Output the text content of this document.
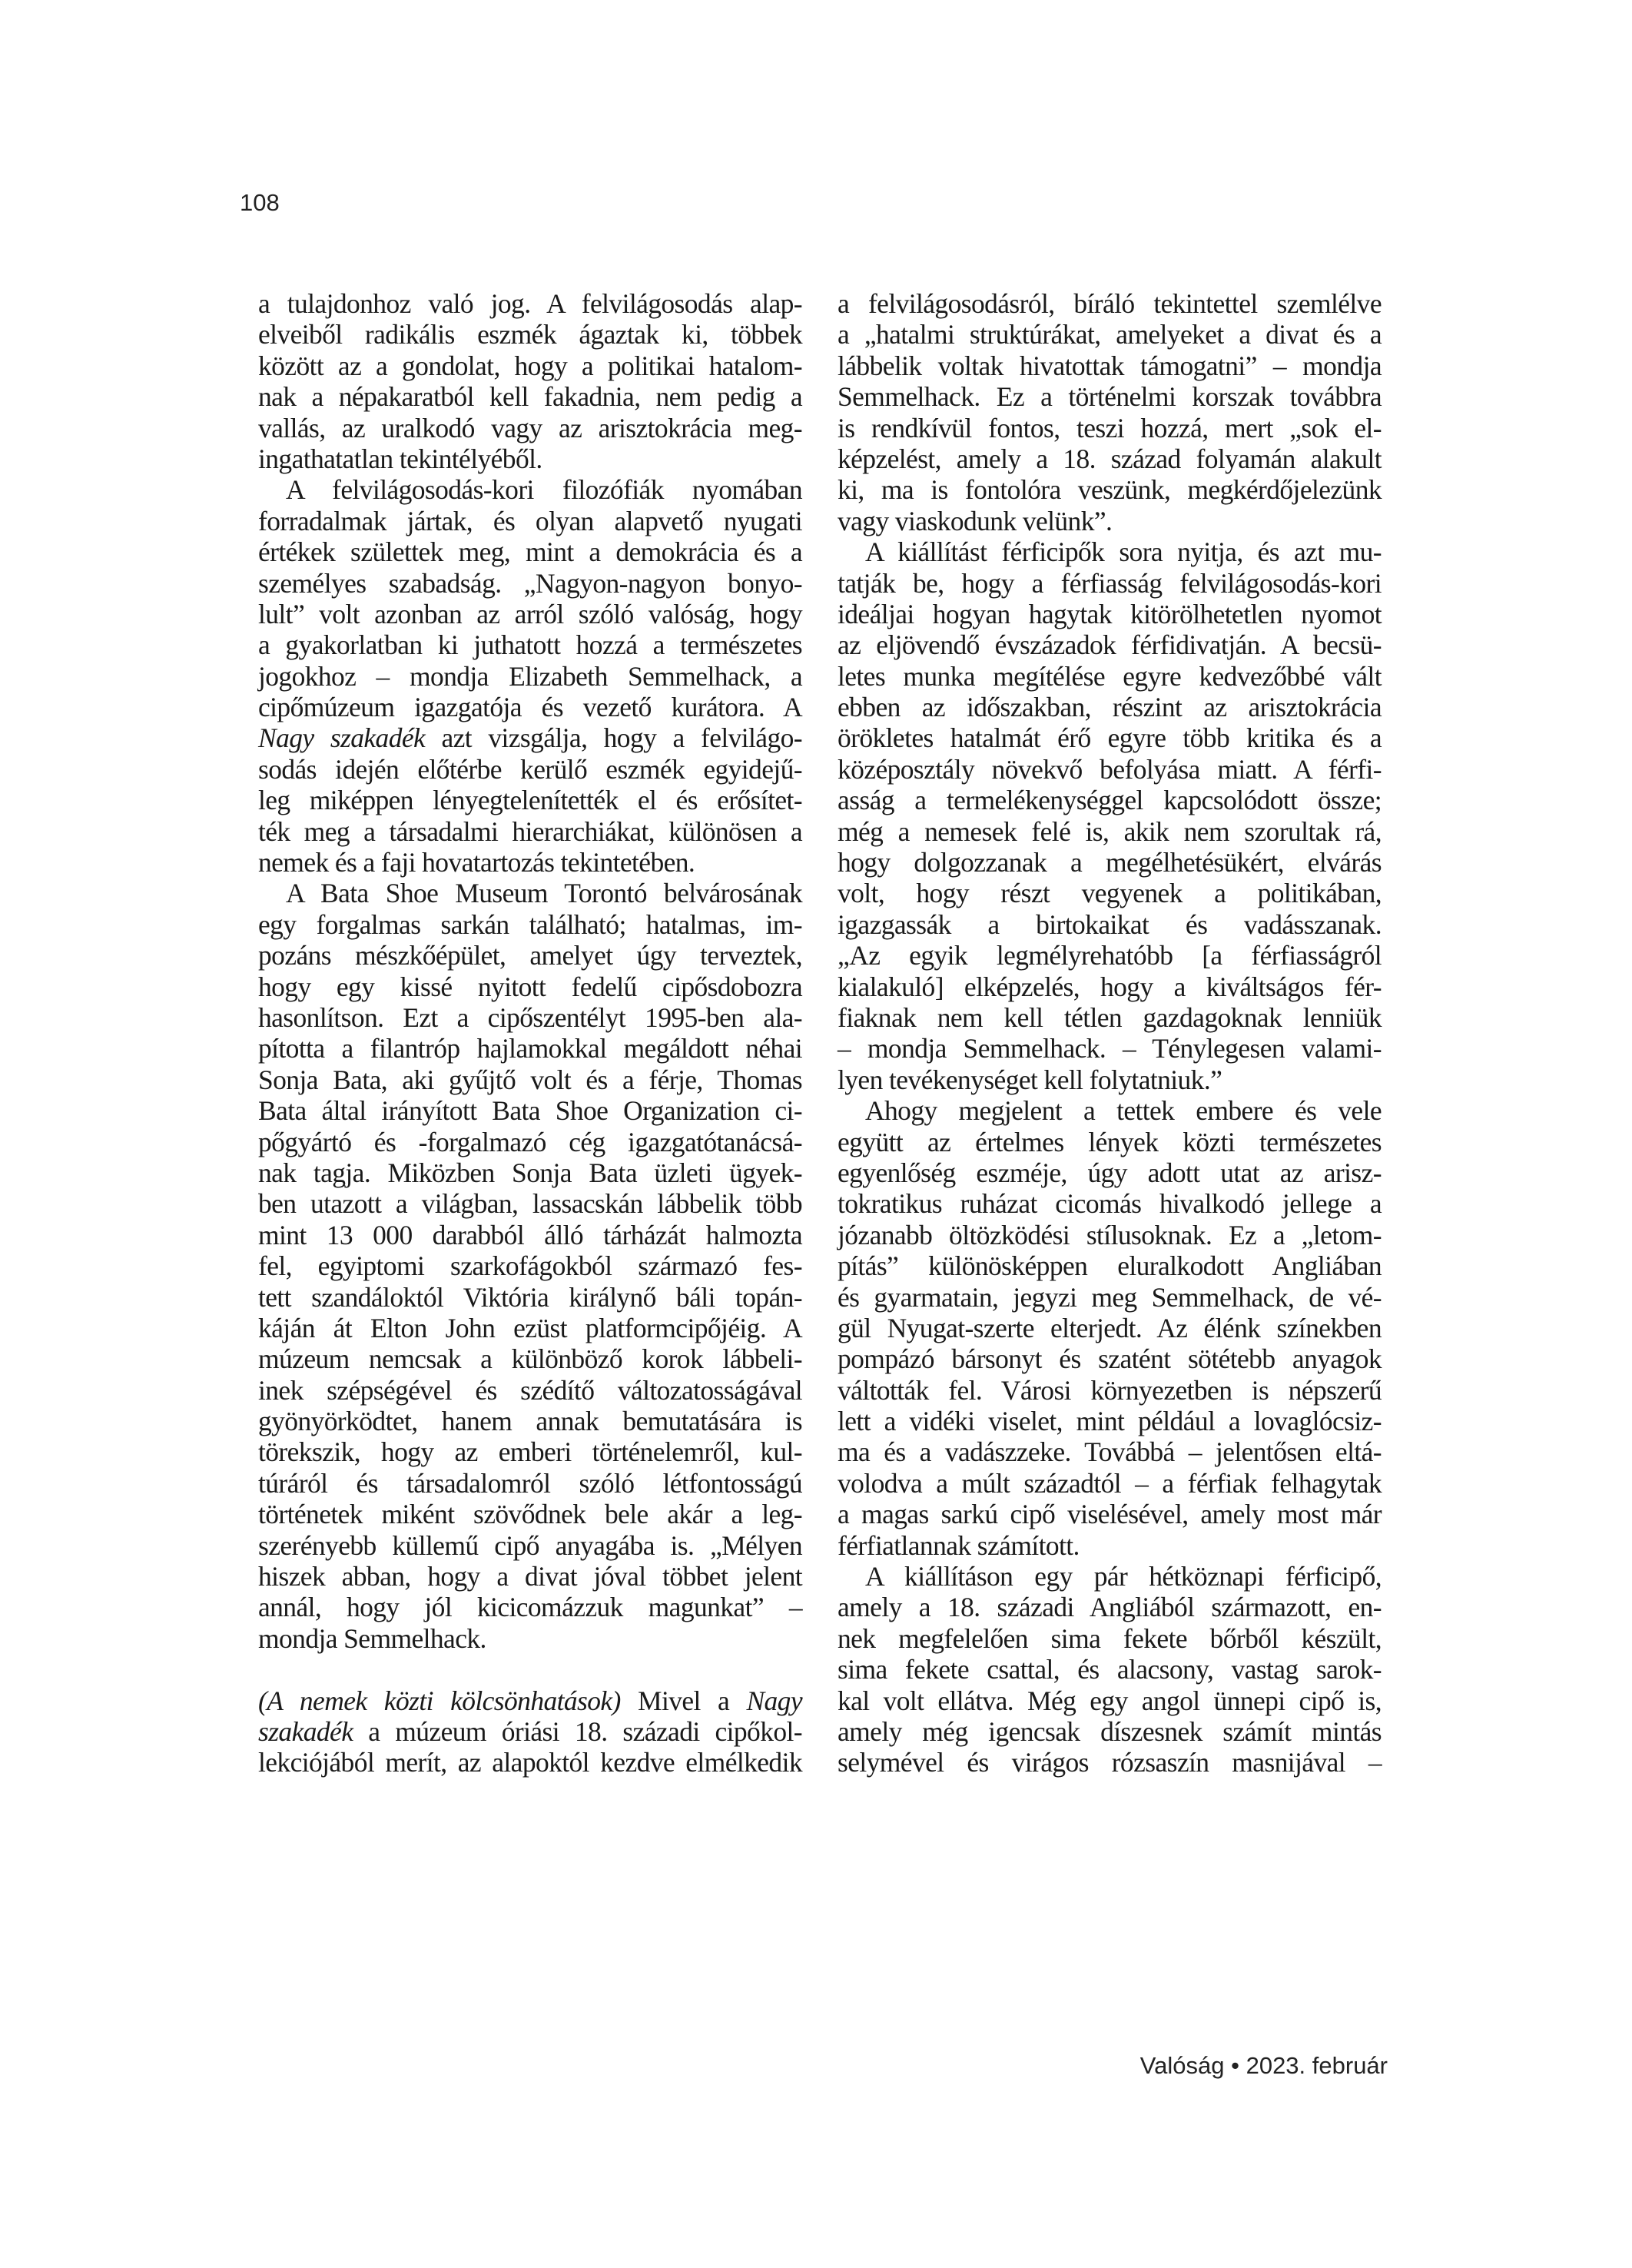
108
a tulajdonhoz való jog. A felvilágosodás alap-
elveiből radikális eszmék ágaztak ki, többek
között az a gondolat, hogy a politikai hatalom-
nak a népakaratból kell fakadnia, nem pedig a
vallás, az uralkodó vagy az arisztokrácia meg-
ingathatatlan tekintélyéből.
A felvilágosodás-kori filozófiák nyomában
forradalmak jártak, és olyan alapvető nyugati
értékek születtek meg, mint a demokrácia és a
személyes szabadság. „Nagyon-nagyon bonyo-
lult” volt azonban az arról szóló valóság, hogy
a gyakorlatban ki juthatott hozzá a természetes
jogokhoz – mondja Elizabeth Semmelhack, a
cipőmúzeum igazgatója és vezető kurátora. A
Nagy szakadék azt vizsgálja, hogy a felvilágo-
sodás idején előtérbe kerülő eszmék egyidejű-
leg miképpen lényegtelenítették el és erősítet-
ték meg a társadalmi hierarchiákat, különösen a
nemek és a faji hovatartozás tekintetében.
A Bata Shoe Museum Torontó belvárosának
egy forgalmas sarkán található; hatalmas, im-
pozáns mészkőépület, amelyet úgy terveztek,
hogy egy kissé nyitott fedelű cipősdobozra
hasonlítson. Ezt a cipőszentélyt 1995-ben ala-
pította a filantróp hajlamokkal megáldott néhai
Sonja Bata, aki gyűjtő volt és a férje, Thomas
Bata által irányított Bata Shoe Organization ci-
pőgyártó és -forgalmazó cég igazgatótanácsá-
nak tagja. Miközben Sonja Bata üzleti ügyek-
ben utazott a világban, lassacskán lábbelik több
mint 13 000 darabból álló tárházát halmozta
fel, egyiptomi szarkofágokból származó fes-
tett szandáloktól Viktória királynő báli topán-
káján át Elton John ezüst platformcipőjéig. A
múzeum nemcsak a különböző korok lábbeli-
inek szépségével és szédítő változatosságával
gyönyörködtet, hanem annak bemutatására is
törekszik, hogy az emberi történelemről, kul-
túráról és társadalomról szóló létfontosságú
történetek miként szövődnek bele akár a leg-
szerényebb küllemű cipő anyagába is. „Mélyen
hiszek abban, hogy a divat jóval többet jelent
annál, hogy jól kicicomázzuk magunkat” –
mondja Semmelhack.
(A nemek közti kölcsönhatások) Mivel a Nagy
szakadék a múzeum óriási 18. századi cipőkol-
lekciójából merít, az alapoktól kezdve elmélkedik
a felvilágosodásról, bíráló tekintettel szemlélve
a „hatalmi struktúrákat, amelyeket a divat és a
lábbelik voltak hivatottak támogatni” – mondja
Semmelhack. Ez a történelmi korszak továbbra
is rendkívül fontos, teszi hozzá, mert „sok el-
képzelést, amely a 18. század folyamán alakult
ki, ma is fontolóra veszünk, megkérdőjelezünk
vagy viaskodunk velünk”.
A kiállítást férficipők sora nyitja, és azt mu-
tatják be, hogy a férfiasság felvilágosodás-kori
ideáljai hogyan hagytak kitörölhetetlen nyomot
az eljövendő évszázadok férfidivatján. A becsü-
letes munka megítélése egyre kedvezőbbé vált
ebben az időszakban, részint az arisztokrácia
örökletes hatalmát érő egyre több kritika és a
középosztály növekvő befolyása miatt. A férfi-
asság a termelékenységgel kapcsolódott össze;
még a nemesek felé is, akik nem szorultak rá,
hogy dolgozzanak a megélhetésükért, elvárás
volt, hogy részt vegyenek a politikában,
igazgassák a birtokaikat és vadásszanak.
„Az egyik legmélyrehatóbb [a férfiasságról
kialakuló] elképzelés, hogy a kiváltságos fér-
fiaknak nem kell tétlen gazdagoknak lenniük
– mondja Semmelhack. – Ténylegesen valami-
lyen tevékenységet kell folytatniuk.”
Ahogy megjelent a tettek embere és vele
együtt az értelmes lények közti természetes
egyenlőség eszméje, úgy adott utat az arisz-
tokratikus ruházat cicomás hivalkodó jellege a
józanabb öltözködési stílusoknak. Ez a „letom-
pítás” különösképpen eluralkodott Angliában
és gyarmatain, jegyzi meg Semmelhack, de vé-
gül Nyugat-szerte elterjedt. Az élénk színekben
pompázó bársonyt és szatént sötétebb anyagok
váltották fel. Városi környezetben is népszerű
lett a vidéki viselet, mint például a lovaglócsiz-
ma és a vadászzeke. Továbbá – jelentősen eltá-
volodva a múlt századtól – a férfiak felhagytak
a magas sarkú cipő viselésével, amely most már
férfiatlannak számított.
A kiállításon egy pár hétköznapi férficipő,
amely a 18. századi Angliából származott, en-
nek megfelelően sima fekete bőrből készült,
sima fekete csattal, és alacsony, vastag sarok-
kal volt ellátva. Még egy angol ünnepi cipő is,
amely még igencsak díszesnek számít mintás
selymével és virágos rózsaszín masnijával –
Valóság • 2023. február
